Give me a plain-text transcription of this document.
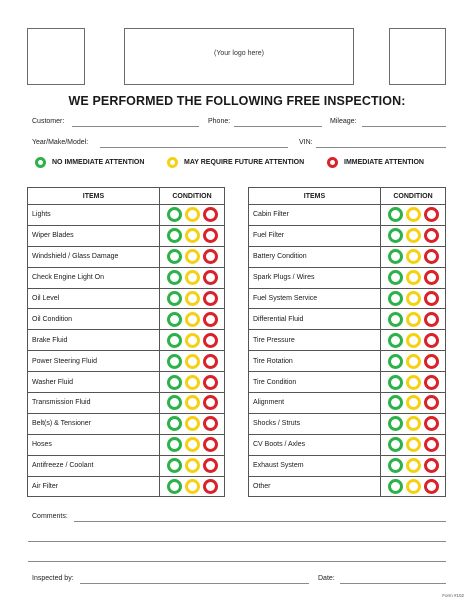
(Your logo here)
WE PERFORMED THE FOLLOWING FREE INSPECTION:
Customer:	Phone:	Mileage:
Year/Make/Model:	VIN:
NO IMMEDIATE ATTENTION	MAY REQUIRE FUTURE ATTENTION	IMMEDIATE ATTENTION
ITEMS	CONDITION
Lights	

Wiper Blades	

Windshield / Glass Damage	

Check Engine Light On	

Oil Level	

Oil Condition	

Brake Fluid	

Power Steering Fluid	

Washer Fluid	

Transmission Fluid	

Belt(s) & Tensioner	

Hoses	

Antifreeze / Coolant	

Air Filter	
ITEMS	CONDITION
Cabin Filter	

Fuel Filter	

Battery Condition	

Spark Plugs / Wires	

Fuel System Service	

Differential Fluid	

Tire Pressure	

Tire Rotation	

Tire Condition	

Alignment	

Shocks / Struts	

CV Boots / Axles	

Exhaust System	

Other	
Comments:
Inspected by:	Date:
Form #102
